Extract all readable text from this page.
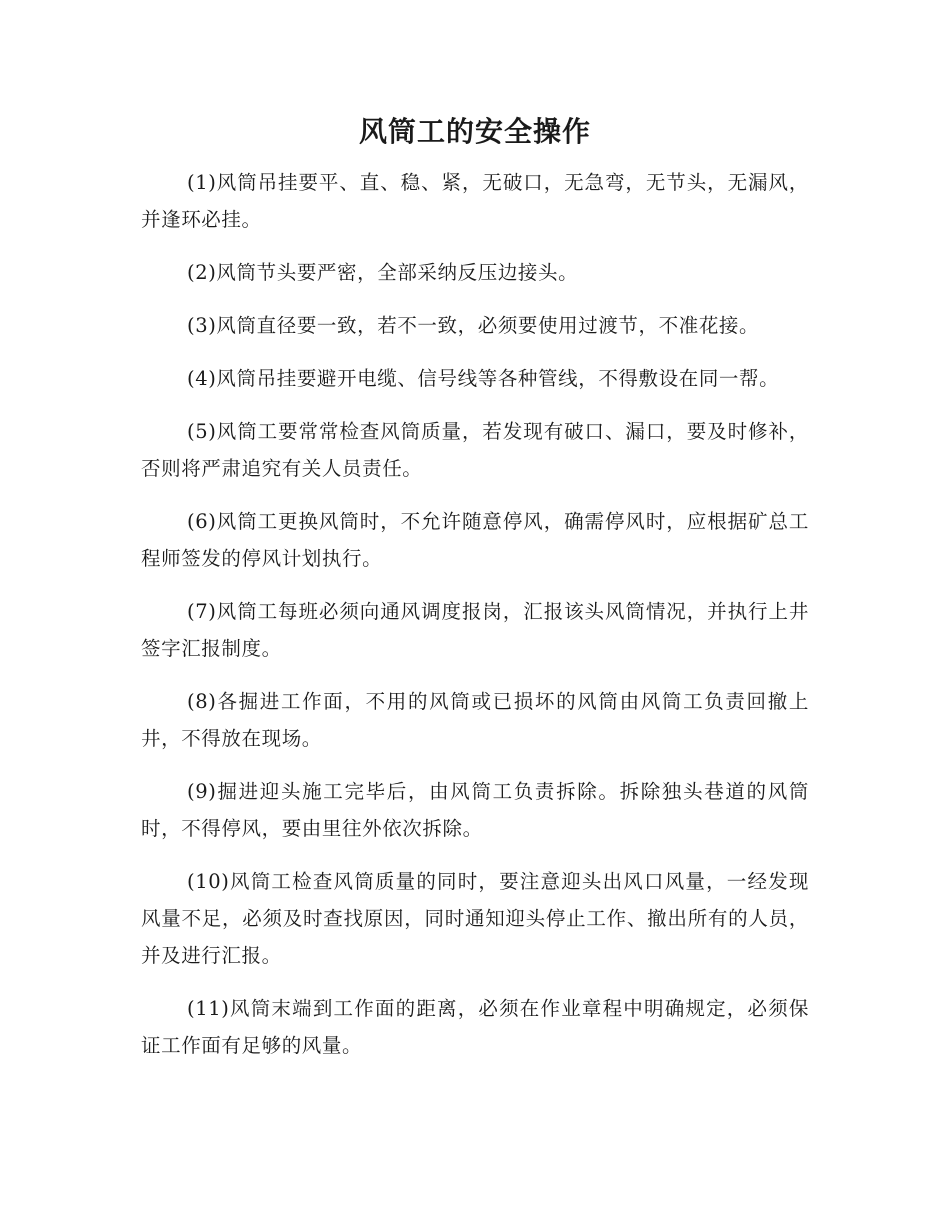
风筒工的安全操作

(1)风筒吊挂要平、直、稳、紧，无破口，无急弯，无节头，无漏风，并逢环必挂。

(2)风筒节头要严密，全部采纳反压边接头。

(3)风筒直径要一致，若不一致，必须要使用过渡节，不准花接。

(4)风筒吊挂要避开电缆、信号线等各种管线，不得敷设在同一帮。

(5)风筒工要常常检查风筒质量，若发现有破口、漏口，要及时修补，否则将严肃追究有关人员责任。

(6)风筒工更换风筒时，不允许随意停风，确需停风时，应根据矿总工程师签发的停风计划执行。

(7)风筒工每班必须向通风调度报岗，汇报该头风筒情况，并执行上井签字汇报制度。

(8)各掘进工作面，不用的风筒或已损坏的风筒由风筒工负责回撤上井，不得放在现场。

(9)掘进迎头施工完毕后，由风筒工负责拆除。拆除独头巷道的风筒时，不得停风，要由里往外依次拆除。

(10)风筒工检查风筒质量的同时，要注意迎头出风口风量，一经发现风量不足，必须及时查找原因，同时通知迎头停止工作、撤出所有的人员，并及进行汇报。

(11)风筒末端到工作面的距离，必须在作业章程中明确规定，必须保证工作面有足够的风量。
